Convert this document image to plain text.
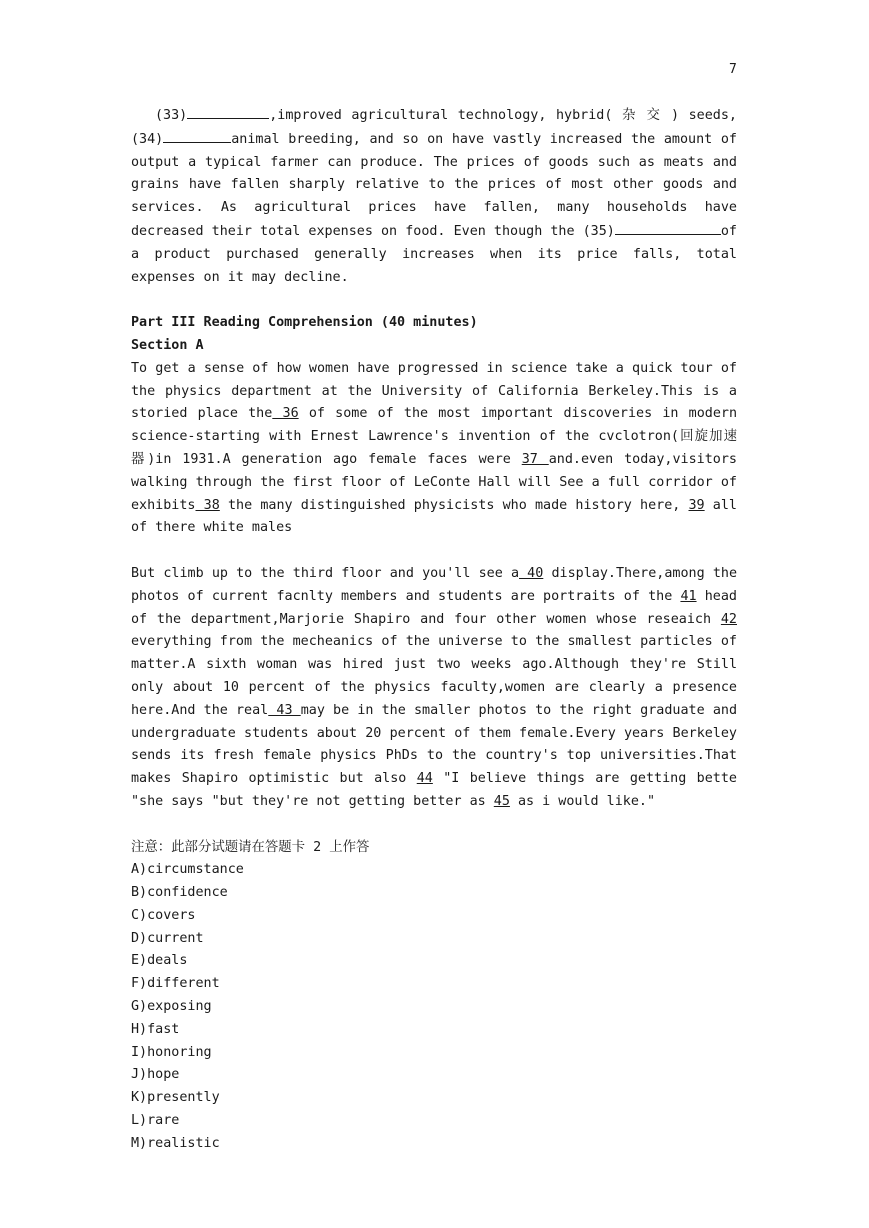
7

(33)	,improved agricultural technology, hybrid( 杂 交 ) seeds,(34)	animal breeding, and so on have vastly increased the amount of output a typical farmer can produce. The prices of goods such as meats and grains have fallen sharply relative to the prices of most other goods and services. As agricultural prices have fallen, many households have decreased their total expenses on food. Even though the (35)	of a product purchased generally increases when its price falls, total expenses on it may decline.

Part III Reading Comprehension (40 minutes)

Section A

To get a sense of how women have progressed in science take a quick tour of the physics department at the University of California Berkeley.This is a storied place the 36 of some of the most important discoveries in modern science-starting with Ernest Lawrence's invention of the cvclotron(回旋加速器)in 1931.A generation ago female faces were 37 and.even today,visitors walking through the first floor of LeConte Hall will See a full corridor of exhibits 38 the many distinguished physicists who made history here, 39 all of there white males

But climb up to the third floor and you'll see a 40 display.There,among the photos of current facnlty members and students are portraits of the 41 head of the department,Marjorie Shapiro and four other women whose reseaich 42 everything from the mecheanics of the universe to the smallest particles of matter.A sixth woman was hired just two weeks ago.Although they're Still only about 10 percent of the physics faculty,women are clearly a presence here.And the real 43 may be in the smaller photos to the right graduate and undergraduate students about 20 percent of them female.Every years Berkeley sends its fresh female physics PhDs to the country's top universities.That makes Shapiro optimistic but also 44 "I believe things are getting bette "she says "but they're not getting better as 45 as i would like."

注意：此部分试题请在答题卡 2 上作答

A)circumstance

B)confidence

C)covers

D)current

E)deals

F)different

G)exposing

H)fast

I)honoring

J)hope

K)presently

L)rare

M)realistic
